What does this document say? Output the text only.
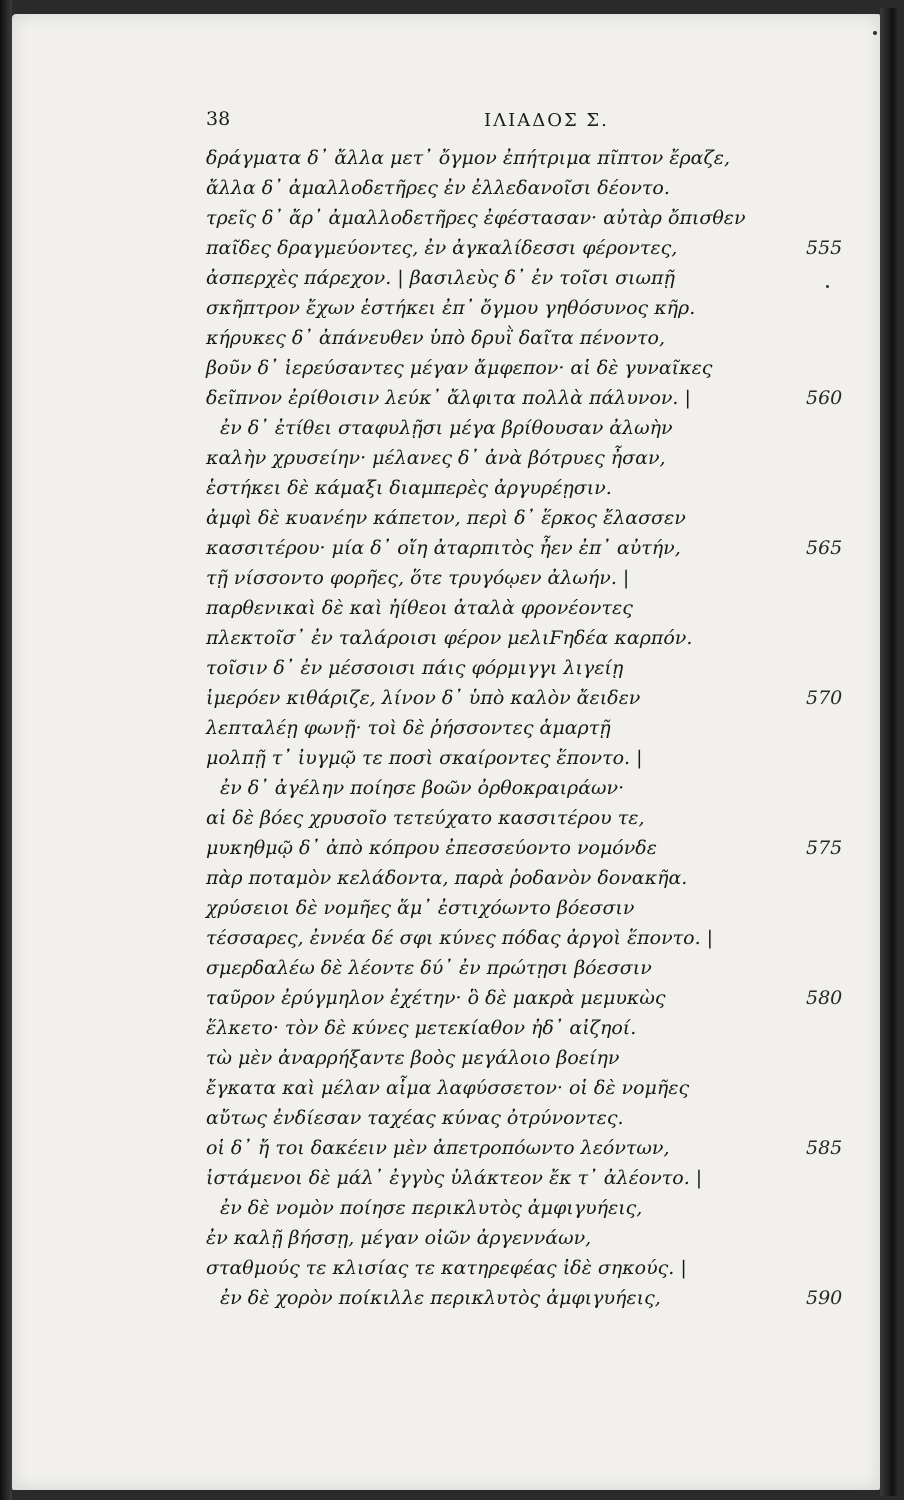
38	ΙΛΙΑΔΟΣ Σ.
δράγματα δ᾽ ἄλλα μετ᾽ ὄγμον ἐπήτριμα πῖπτον ἔραζε,
ἄλλα δ᾽ ἀμαλλοδετῆρες ἐν ἐλλεδανοῖσι δέοντο.
τρεῖς δ᾽ ἄρ᾽ ἀμαλλοδετῆρες ἐφέστασαν· αὐτὰρ ὄπισθεν
παῖδες δραγμεύοντες, ἐν ἀγκαλίδεσσι φέροντες,	555
ἀσπερχὲς πάρεχον. | βασιλεὺς δ᾽ ἐν τοῖσι σιωπῇ
σκῆπτρον ἔχων ἑστήκει ἐπ᾽ ὄγμου γηθόσυνος κῆρ.
κήρυκες δ᾽ ἀπάνευθεν ὑπὸ δρυῒ δαῖτα πένοντο,
βοῦν δ᾽ ἱερεύσαντες μέγαν ἄμφεπον· αἱ δὲ γυναῖκες
δεῖπνον ἐρίθοισιν λεύκ᾽ ἄλφιτα πολλὰ πάλυνον. |	560
ἐν δ᾽ ἐτίθει σταφυλῇσι μέγα βρίθουσαν ἀλωὴν
καλὴν χρυσείην· μέλανες δ᾽ ἀνὰ βότρυες ἦσαν,
ἑστήκει δὲ κάμαξι διαμπερὲς ἀργυρέῃσιν.
ἀμφὶ δὲ κυανέην κάπετον, περὶ δ᾽ ἕρκος ἔλασσεν
κασσιτέρου· μία δ᾽ οἴη ἀταρπιτὸς ἦεν ἐπ᾽ αὐτήν,	565
τῇ νίσσοντο φορῆες, ὅτε τρυγόῳεν ἀλωήν. |
παρθενικαὶ δὲ καὶ ἠίθεοι ἀταλὰ φρονέοντες
πλεκτοῖσ᾽ ἐν ταλάροισι φέρον μελιϜηδέα καρπόν.
τοῖσιν δ᾽ ἐν μέσσοισι πάις φόρμιγγι λιγείῃ
ἱμερόεν κιθάριζε, λίνον δ᾽ ὑπὸ καλὸν ἄειδεν	570
λεπταλέῃ φωνῇ· τοὶ δὲ ῥήσσοντες ἁμαρτῇ
μολπῇ τ᾽ ἰυγμῷ τε ποσὶ σκαίροντες ἕποντο. |
ἐν δ᾽ ἀγέλην ποίησε βοῶν ὀρθοκραιράων·
αἱ δὲ βόες χρυσοῖο τετεύχατο κασσιτέρου τε,
μυκηθμῷ δ᾽ ἀπὸ κόπρου ἐπεσσεύοντο νομόνδε	575
πὰρ ποταμὸν κελάδοντα, παρὰ ῥοδανὸν δονακῆα.
χρύσειοι δὲ νομῆες ἅμ᾽ ἐστιχόωντο βόεσσιν
τέσσαρες, ἐννέα δέ σφι κύνες πόδας ἀργοὶ ἕποντο. |
σμερδαλέω δὲ λέοντε δύ᾽ ἐν πρώτῃσι βόεσσιν
ταῦρον ἐρύγμηλον ἐχέτην· ὃ δὲ μακρὰ μεμυκὼς	580
ἕλκετο· τὸν δὲ κύνες μετεκίαθον ἠδ᾽ αἰζηοί.
τὼ μὲν ἀναρρήξαντε βοὸς μεγάλοιο βοείην
ἔγκατα καὶ μέλαν αἷμα λαφύσσετον· οἱ δὲ νομῆες
αὔτως ἐνδίεσαν ταχέας κύνας ὀτρύνοντες.
οἱ δ᾽ ἤ τοι δακέειν μὲν ἀπετροπόωντο λεόντων,	585
ἱστάμενοι δὲ μάλ᾽ ἐγγὺς ὑλάκτεον ἔκ τ᾽ ἀλέοντο. |
ἐν δὲ νομὸν ποίησε περικλυτὸς ἀμφιγυήεις,
ἐν καλῇ βήσσῃ, μέγαν οἰῶν ἀργεννάων,
σταθμούς τε κλισίας τε κατηρεφέας ἰδὲ σηκούς. |
ἐν δὲ χορὸν ποίκιλλε περικλυτὸς ἀμφιγυήεις,	590
